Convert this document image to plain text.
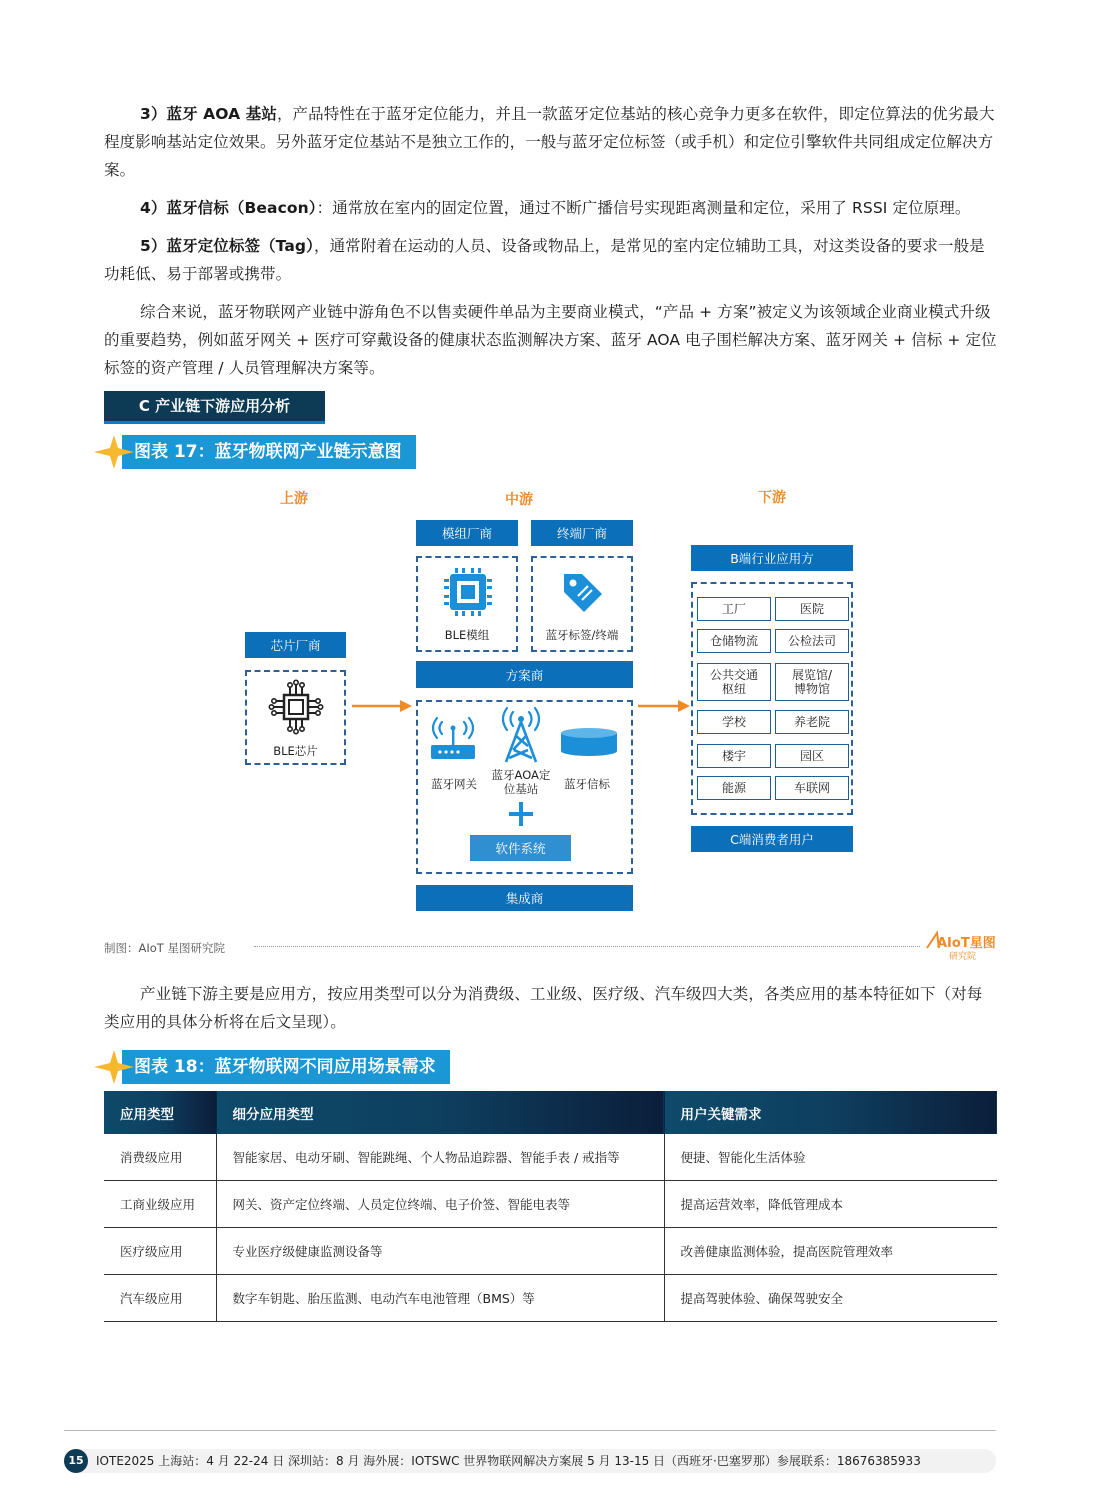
3）蓝牙 AOA 基站，产品特性在于蓝牙定位能力，并且一款蓝牙定位基站的核心竞争力更多在软件，即定位算法的优劣最大程度影响基站定位效果。另外蓝牙定位基站不是独立工作的，一般与蓝牙定位标签（或手机）和定位引擎软件共同组成定位解决方案。

4）蓝牙信标（Beacon）：通常放在室内的固定位置，通过不断广播信号实现距离测量和定位，采用了 RSSI 定位原理。

5）蓝牙定位标签（Tag），通常附着在运动的人员、设备或物品上，是常见的室内定位辅助工具，对这类设备的要求一般是功耗低、易于部署或携带。

综合来说，蓝牙物联网产业链中游角色不以售卖硬件单品为主要商业模式，“产品 + 方案”被定义为该领域企业商业模式升级的重要趋势，例如蓝牙网关 + 医疗可穿戴设备的健康状态监测解决方案、蓝牙 AOA 电子围栏解决方案、蓝牙网关 + 信标 + 定位标签的资产管理 / 人员管理解决方案等。

C 产业链下游应用分析
图表 17：蓝牙物联网产业链示意图
上游	中游	下游
芯片厂商
BLE芯片
模组厂商	终端厂商
BLE模组	蓝牙标签/终端
方案商
蓝牙网关
蓝牙AOA定位基站	蓝牙信标
软件系统
集成商
B端行业应用方
工厂	医院
仓储物流	公检法司
公共交通枢纽
展览馆/博物馆
学校	养老院
楼宇	园区
能源	车联网
C端消费者用户
制图：AIoT 星图研究院	AIoT星图
研究院

产业链下游主要是应用方，按应用类型可以分为消费级、工业级、医疗级、汽车级四大类，各类应用的基本特征如下（对每类应用的具体分析将在后文呈现）。

图表 18：蓝牙物联网不同应用场景需求
应用类型	细分应用类型	用户关键需求
消费级应用	智能家居、电动牙刷、智能跳绳、个人物品追踪器、智能手表 / 戒指等	便捷、智能化生活体验
工商业级应用	网关、资产定位终端、人员定位终端、电子价签、智能电表等	提高运营效率，降低管理成本
医疗级应用	专业医疗级健康监测设备等	改善健康监测体验，提高医院管理效率
汽车级应用	数字车钥匙、胎压监测、电动汽车电池管理（BMS）等	提高驾驶体验、确保驾驶安全
15	IOTE2025 上海站：4 月 22-24 日 深圳站：8 月 海外展：IOTSWC 世界物联网解决方案展 5 月 13-15 日（西班牙·巴塞罗那）参展联系：18676385933
